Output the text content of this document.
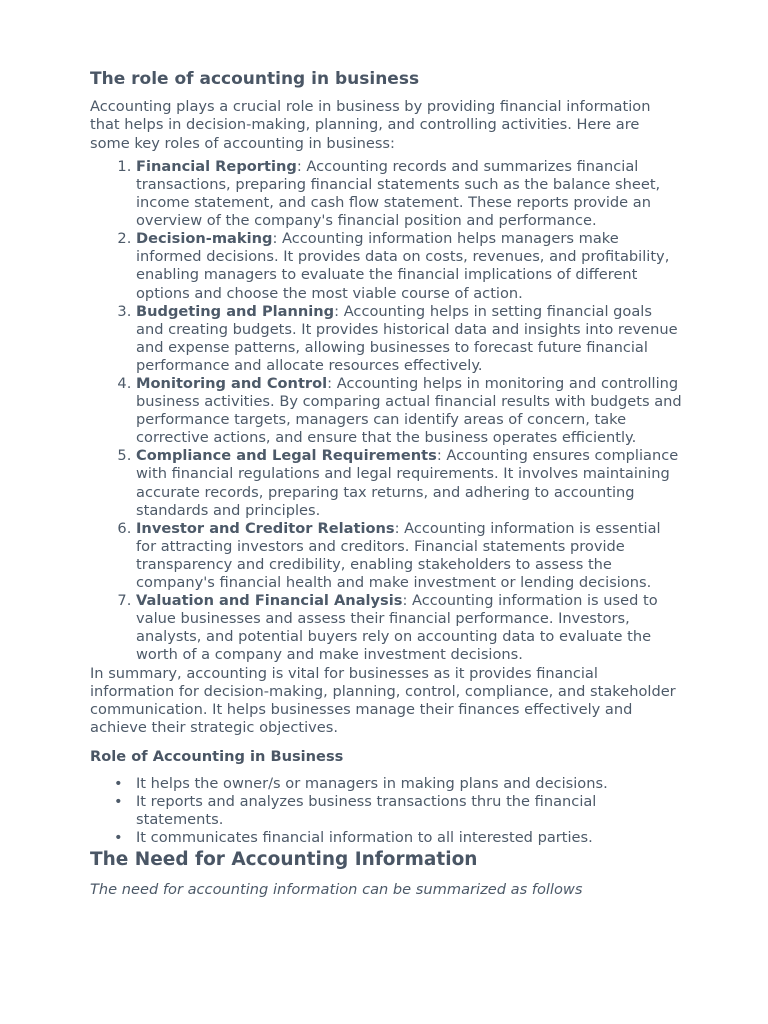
The role of accounting in business

Accounting plays a crucial role in business by providing financial information that helps in decision-making, planning, and controlling activities. Here are some key roles of accounting in business:

1. Financial Reporting: Accounting records and summarizes financial transactions, preparing financial statements such as the balance sheet, income statement, and cash flow statement. These reports provide an overview of the company's financial position and performance.
2. Decision-making: Accounting information helps managers make informed decisions. It provides data on costs, revenues, and profitability, enabling managers to evaluate the financial implications of different options and choose the most viable course of action.
3. Budgeting and Planning: Accounting helps in setting financial goals and creating budgets. It provides historical data and insights into revenue and expense patterns, allowing businesses to forecast future financial performance and allocate resources effectively.
4. Monitoring and Control: Accounting helps in monitoring and controlling business activities. By comparing actual financial results with budgets and performance targets, managers can identify areas of concern, take corrective actions, and ensure that the business operates efficiently.
5. Compliance and Legal Requirements: Accounting ensures compliance with financial regulations and legal requirements. It involves maintaining accurate records, preparing tax returns, and adhering to accounting standards and principles.
6. Investor and Creditor Relations: Accounting information is essential for attracting investors and creditors. Financial statements provide transparency and credibility, enabling stakeholders to assess the company's financial health and make investment or lending decisions.
7. Valuation and Financial Analysis: Accounting information is used to value businesses and assess their financial performance. Investors, analysts, and potential buyers rely on accounting data to evaluate the worth of a company and make investment decisions.

In summary, accounting is vital for businesses as it provides financial information for decision-making, planning, control, compliance, and stakeholder communication. It helps businesses manage their finances effectively and achieve their strategic objectives.

Role of Accounting in Business
• It helps the owner/s or managers in making plans and decisions.
• It reports and analyzes business transactions thru the financial statements.
• It communicates financial information to all interested parties.
The Need for Accounting Information

The need for accounting information can be summarized as follows
